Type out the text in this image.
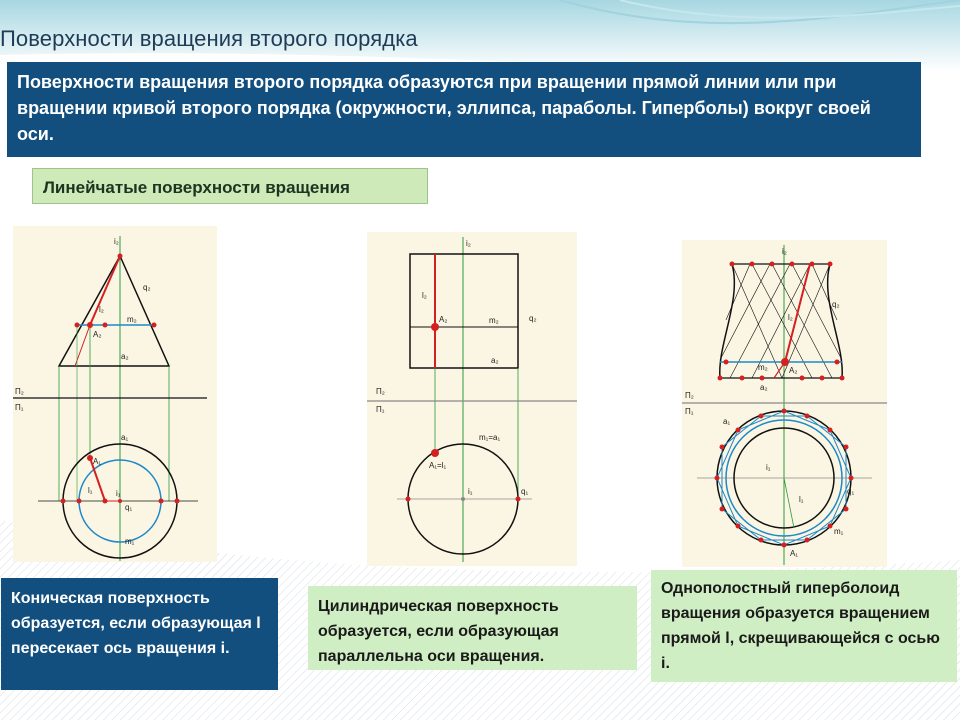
Поверхности вращения второго порядка
Поверхности вращения второго порядка образуются при вращении прямой линии или при вращении кривой второго порядка (окружности, эллипса, параболы. Гиперболы) вокруг своей оси.
Линейчатые поверхности вращения
i₂
q₂
l₂
m₂
A₂
a₂
П₂
П₁
a₁
A₁
l₁	i₁
q₁
m₁
i₂
l₂
A₂	m₂	q₂
a₂
П₂
П₁
m₁=a₁
A₁=l₁
i₁	q₁
i₂
q₂
l₂
m₂	A₂
a₂
П₂
П₁
a₁
i₁
l₁
q₁
m₁
A₁
Коническая поверхность образуется, если образующая l пересекает ось вращения i.
Цилиндрическая поверхность образуется, если образующая параллельна оси вращения.
Однополостный гиперболоид вращения образуется вращением прямой l, скрещивающейся с осью i.
